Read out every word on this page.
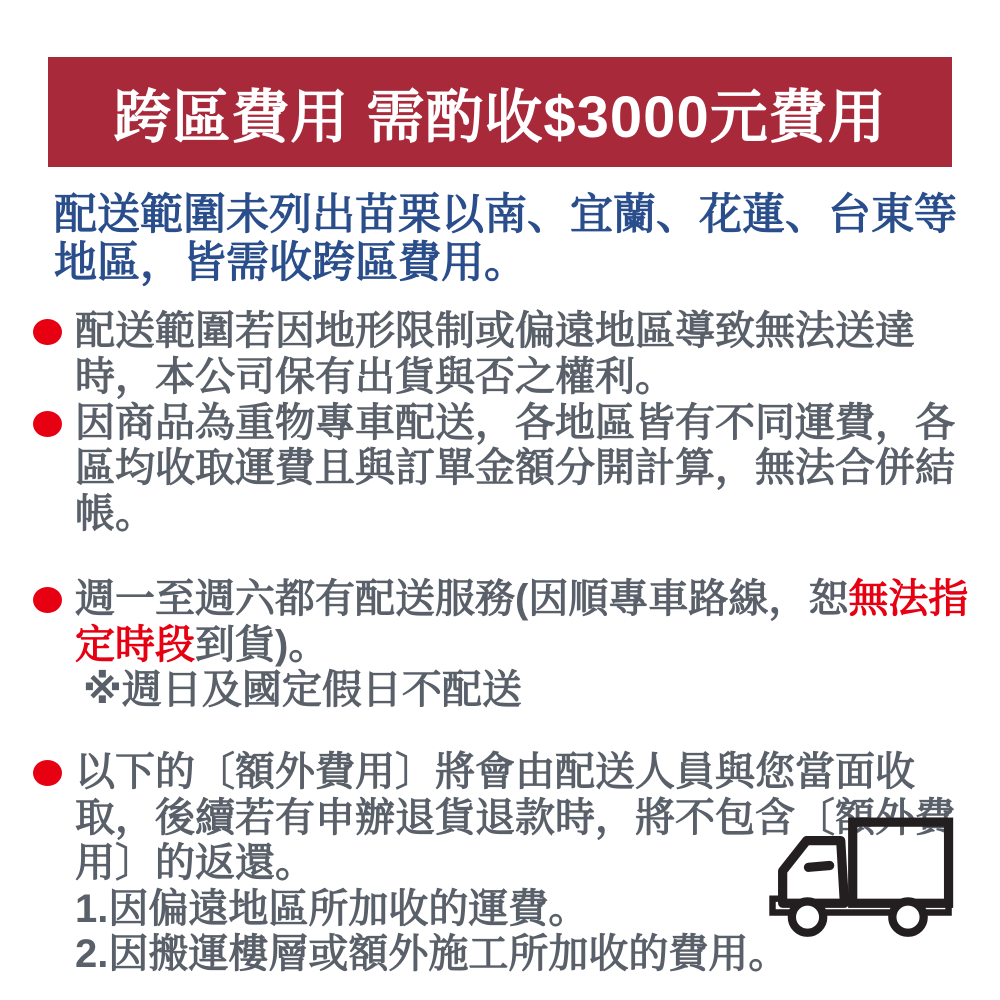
跨區費用 需酌收$3000元費用

配送範圍未列出苗栗以南、宜蘭、花蓮、台東等地區，皆需收跨區費用。

配送範圍若因地形限制或偏遠地區導致無法送達時，本公司保有出貨與否之權利。
因商品為重物專車配送，各地區皆有不同運費，各區均收取運費且與訂單金額分開計算，無法合併結帳。
週一至週六都有配送服務(因順專車路線，恕無法指定時段到貨)。
※週日及國定假日不配送
以下的〔額外費用〕將會由配送人員與您當面收取，後續若有申辦退貨退款時，將不包含〔額外費用〕的返還。
1.因偏遠地區所加收的運費。
2.因搬運樓層或額外施工所加收的費用。
